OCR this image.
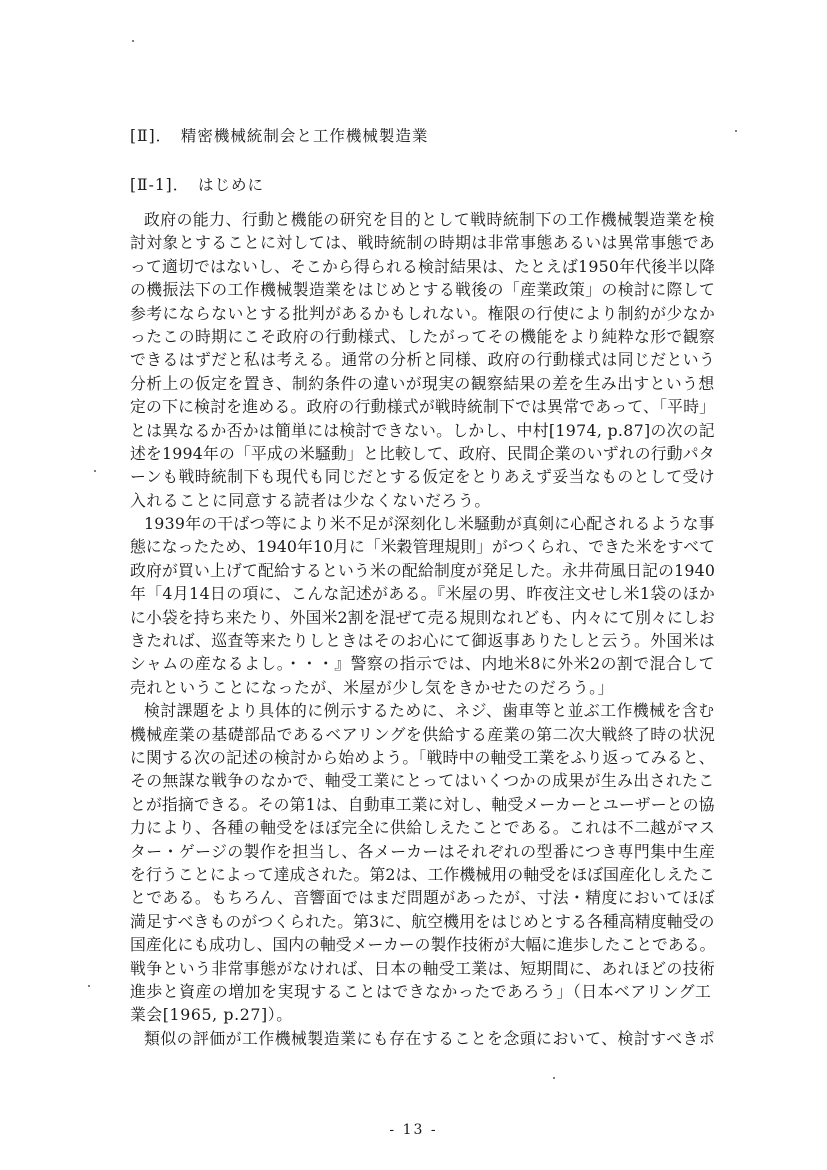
[Ⅱ]．　精密機械統制会と工作機械製造業
[Ⅱ-1]．　はじめに
政府の能力、行動と機能の研究を目的として戦時統制下の工作機械製造業を検
討対象とすることに対しては、戦時統制の時期は非常事態あるいは異常事態であ
って適切ではないし、そこから得られる検討結果は、たとえば1950年代後半以降
の機振法下の工作機械製造業をはじめとする戦後の「産業政策」の検討に際して
参考にならないとする批判があるかもしれない。権限の行使により制約が少なか
ったこの時期にこそ政府の行動様式、したがってその機能をより純粋な形で観察
できるはずだと私は考える。通常の分析と同様、政府の行動様式は同じだという
分析上の仮定を置き、制約条件の違いが現実の観察結果の差を生み出すという想
定の下に検討を進める。政府の行動様式が戦時統制下では異常であって、「平時」
とは異なるか否かは簡単には検討できない。しかし、中村[1974, p.87]の次の記
述を1994年の「平成の米騒動」と比較して、政府、民間企業のいずれの行動パタ
ーンも戦時統制下も現代も同じだとする仮定をとりあえず妥当なものとして受け
入れることに同意する読者は少なくないだろう。
1939年の干ばつ等により米不足が深刻化し米騒動が真剣に心配されるような事
態になったため、1940年10月に「米穀管理規則」がつくられ、できた米をすべて
政府が買い上げて配給するという米の配給制度が発足した。永井荷風日記の1940
年「4月14日の項に、こんな記述がある。『米屋の男、昨夜注文せし米1袋のほか
に小袋を持ち来たり、外国米2割を混ぜて売る規則なれども、内々にて別々にしお
きたれば、巡査等来たりしときはそのお心にて御返事ありたしと云う。外国米は
シャムの産なるよし。・・・』警察の指示では、内地米8に外米2の割で混合して
売れということになったが、米屋が少し気をきかせたのだろう。」
検討課題をより具体的に例示するために、ネジ、歯車等と並ぶ工作機械を含む
機械産業の基礎部品であるベアリングを供給する産業の第二次大戦終了時の状況
に関する次の記述の検討から始めよう。「戦時中の軸受工業をふり返ってみると、
その無謀な戦争のなかで、軸受工業にとってはいくつかの成果が生み出されたこ
とが指摘できる。その第1は、自動車工業に対し、軸受メーカーとユーザーとの協
力により、各種の軸受をほぼ完全に供給しえたことである。これは不二越がマス
ター・ゲージの製作を担当し、各メーカーはそれぞれの型番につき専門集中生産
を行うことによって達成された。第2は、工作機械用の軸受をほぼ国産化しえたこ
とである。もちろん、音響面ではまだ問題があったが、寸法・精度においてほぼ
満足すべきものがつくられた。第3に、航空機用をはじめとする各種高精度軸受の
国産化にも成功し、国内の軸受メーカーの製作技術が大幅に進歩したことである。
戦争という非常事態がなければ、日本の軸受工業は、短期間に、あれほどの技術
進歩と資産の増加を実現することはできなかったであろう」（日本ベアリング工
業会[1965, p.27]）。
類似の評価が工作機械製造業にも存在することを念頭において、検討すべきポ
- 13 -
